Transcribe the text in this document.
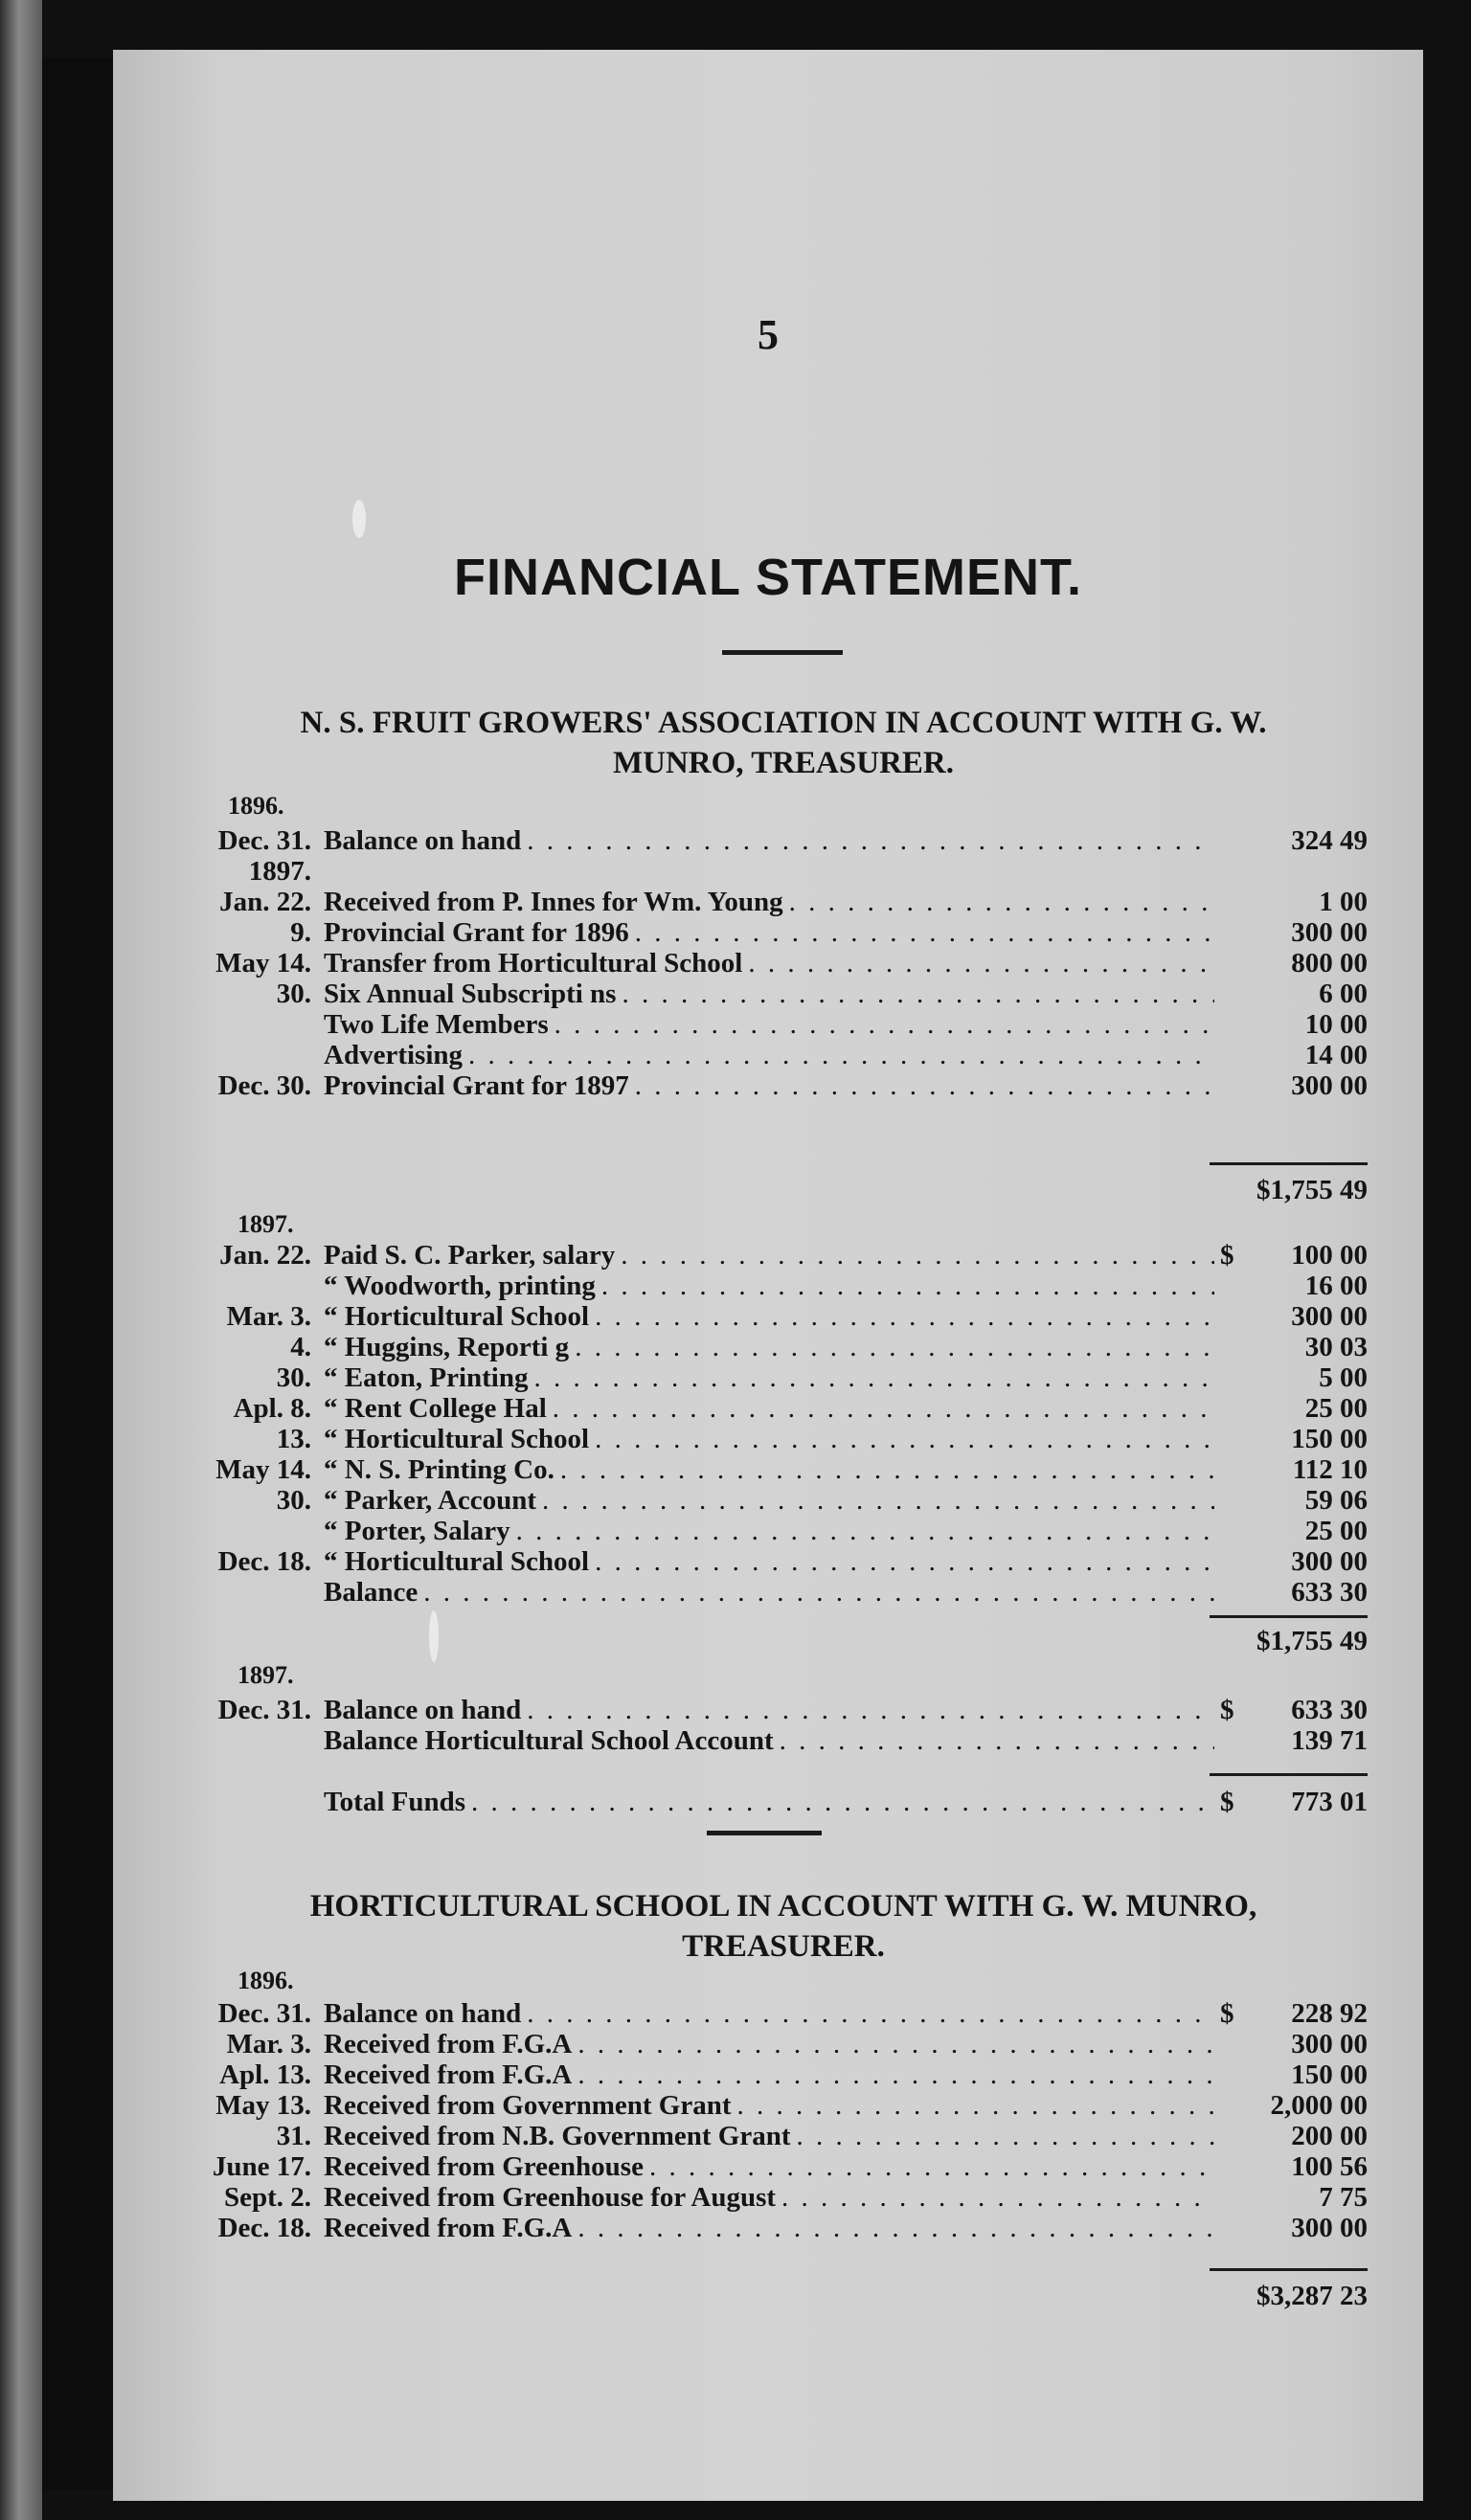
5
FINANCIAL STATEMENT.
N. S. FRUIT GROWERS' ASSOCIATION IN ACCOUNT WITH G. W.
MUNRO, TREASURER.
1896.
Dec. 31. Balance on hand . . .	324 49
1897.
Jan. 22. Received from P. Innes for Wm. Young . . .	1 00
9. Provincial Grant for 1896 . . .	300 00
May 14. Transfer from Horticultural School . . .	800 00
30. Six Annual Subscripti ns . . .	6 00
Two Life Members . . .	10 00
Advertising . . .	14 00
Dec. 30. Provincial Grant for 1897 . . .	300 00
$1,755 49
1897.
Jan. 22. Paid S. C. Parker, salary . . .	$	100 00
“ Woodworth, printing . . .	16 00
Mar. 3. “ Horticultural School . . .	300 00
4. “ Huggins, Reporti g . . .	30 03
30. “ Eaton, Printing . . .	5 00
Apl. 8. “ Rent College Hal . . .	25 00
13. “ Horticultural School . . .	150 00
May 14. “ N. S. Printing Co. . . .	112 10
30. “ Parker, Account . . .	59 06
“ Porter, Salary . . .	25 00
Dec. 18. “ Horticultural School . . .	300 00
Balance . . .	633 30
$1,755 49
1897.
Dec. 31. Balance on hand . . .	$	633 30
Balance Horticultural School Account . . .	139 71
Total Funds . . .	$	773 01
HORTICULTURAL SCHOOL IN ACCOUNT WITH G. W. MUNRO,
TREASURER.
1896.
Dec. 31. Balance on hand . . .	$	228 92
Mar. 3. Received from F.G.A . . .	300 00
Apl. 13. Received from F.G.A . . .	150 00
May 13. Received from Government Grant . . .	2,000 00
31. Received from N.B. Government Grant . . .	200 00
June 17. Received from Greenhouse . . .	100 56
Sept. 2. Received from Greenhouse for August . . .	7 75
Dec. 18. Received from F.G.A . . .	300 00
$3,287 23
